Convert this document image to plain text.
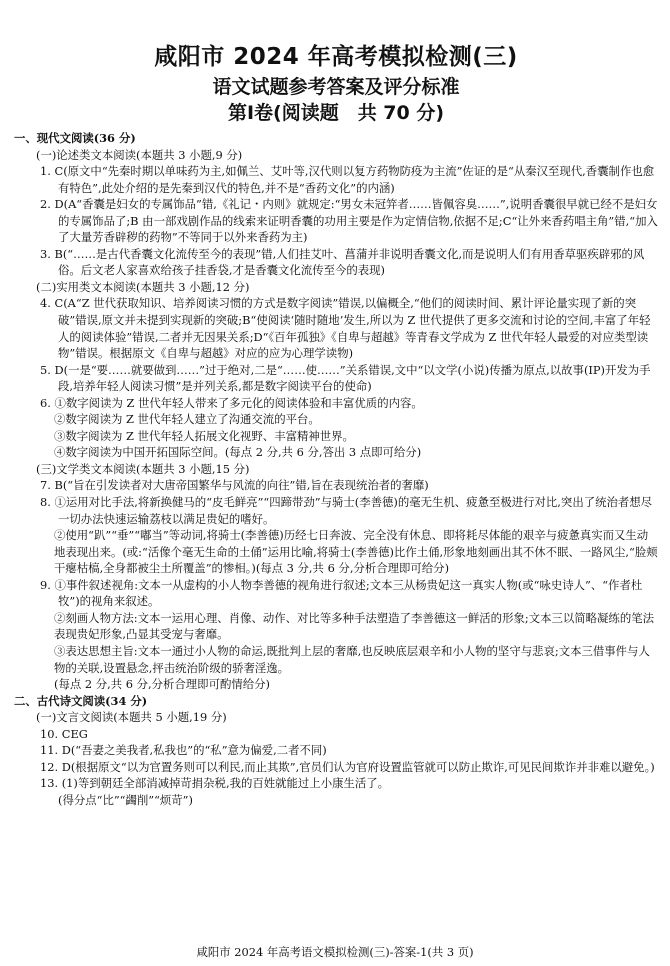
咸阳市 2024 年高考模拟检测(三)
语文试题参考答案及评分标准
第Ⅰ卷(阅读题　共 70 分)

一、现代文阅读(36 分)

(一)论述类文本阅读(本题共 3 小题,9 分)

1. C(原文中“先秦时期以单味药为主,如佩兰、艾叶等,汉代则以复方药物防疫为主流”佐证的是“从秦汉至现代,香囊制作也愈有特色”,此处介绍的是先秦到汉代的特色,并不是“香药文化”的内涵)

2. D(A“香囊是妇女的专属饰品”错,《礼记・内则》就规定:“男女未冠笄者……皆佩容臭……”,说明香囊很早就已经不是妇女的专属饰品了;B 由一部戏剧作品的线索来证明香囊的功用主要是作为定情信物,依据不足;C“让外来香药唱主角”错,“加入了大量芳香辟秽的药物”不等同于以外来香药为主)

3. B(“……是古代香囊文化流传至今的表现”错,人们挂艾叶、菖蒲并非说明香囊文化,而是说明人们有用香草驱疾辟邪的风俗。后文老人家喜欢给孩子挂香袋,才是香囊文化流传至今的表现)

(二)实用类文本阅读(本题共 3 小题,12 分)

4. C(A“Z 世代获取知识、培养阅读习惯的方式是数字阅读”错误,以偏概全,“他们的阅读时间、累计评论量实现了新的突破”错误,原文并未提到实现新的突破;B“使阅读‘随时随地’发生,所以为 Z 世代提供了更多交流和讨论的空间,丰富了年轻人的阅读体验”错误,二者并无因果关系;D“《百年孤独》《自卑与超越》等青春文学成为 Z 世代年轻人最爱的对应类型读物”错误。根据原文《自卑与超越》对应的应为心理学读物)

5. D(一是“要……就要做到……”过于绝对,二是“……使……”关系错误,文中“以文学(小说)传播为原点,以故事(IP)开发为手段,培养年轻人阅读习惯”是并列关系,都是数字阅读平台的使命)

6. ①数字阅读为 Z 世代年轻人带来了多元化的阅读体验和丰富优质的内容。

②数字阅读为 Z 世代年轻人建立了沟通交流的平台。

③数字阅读为 Z 世代年轻人拓展文化视野、丰富精神世界。

④数字阅读为中国开拓国际空间。(每点 2 分,共 6 分,答出 3 点即可给分)

(三)文学类文本阅读(本题共 3 小题,15 分)

7. B(“旨在引发读者对大唐帝国繁华与风流的向往”错,旨在表现统治者的奢靡)

8. ①运用对比手法,将新换健马的“皮毛鲜亮”“四蹄带劲”与骑士(李善德)的毫无生机、疲惫至极进行对比,突出了统治者想尽一切办法快速运输荔枝以满足贵妃的嗜好。

②使用“趴”“垂”“嘟当”等动词,将骑士(李善德)历经七日奔波、完全没有休息、即将耗尽体能的艰辛与疲惫真实而又生动地表现出来。(或:“活像个毫无生命的土俑”运用比喻,将骑士(李善德)比作土俑,形象地刻画出其不休不眠、一路风尘,“脸颊干瘪枯槁,全身都被尘土所覆盖”的惨相。)(每点 3 分,共 6 分,分析合理即可给分)

9. ①事件叙述视角:文本一从虚构的小人物李善德的视角进行叙述;文本三从杨贵妃这一真实人物(或“咏史诗人”、“作者杜牧”)的视角来叙述。

②刻画人物方法:文本一运用心理、肖像、动作、对比等多种手法塑造了李善德这一鲜活的形象;文本三以简略凝练的笔法表现贵妃形象,凸显其受宠与奢靡。

③表达思想主旨:文本一通过小人物的命运,既批判上层的奢靡,也反映底层艰辛和小人物的坚守与悲哀;文本三借事件与人物的关联,设置悬念,抨击统治阶级的骄奢淫逸。

(每点 2 分,共 6 分,分析合理即可酌情给分)

二、古代诗文阅读(34 分)

(一)文言文阅读(本题共 5 小题,19 分)

10. CEG

11. D(“吾妻之美我者,私我也”的“私”意为偏爱,二者不同)

12. D(根据原文“以为官置务则可以利民,而止其欺”,官员们认为官府设置监管就可以防止欺诈,可见民间欺诈并非难以避免。)

13. (1)等到朝廷全部消减掉苛捐杂税,我的百姓就能过上小康生活了。

(得分点“比”“蠲削”“烦苛”)

咸阳市 2024 年高考语文模拟检测(三)-答案-1(共 3 页)
